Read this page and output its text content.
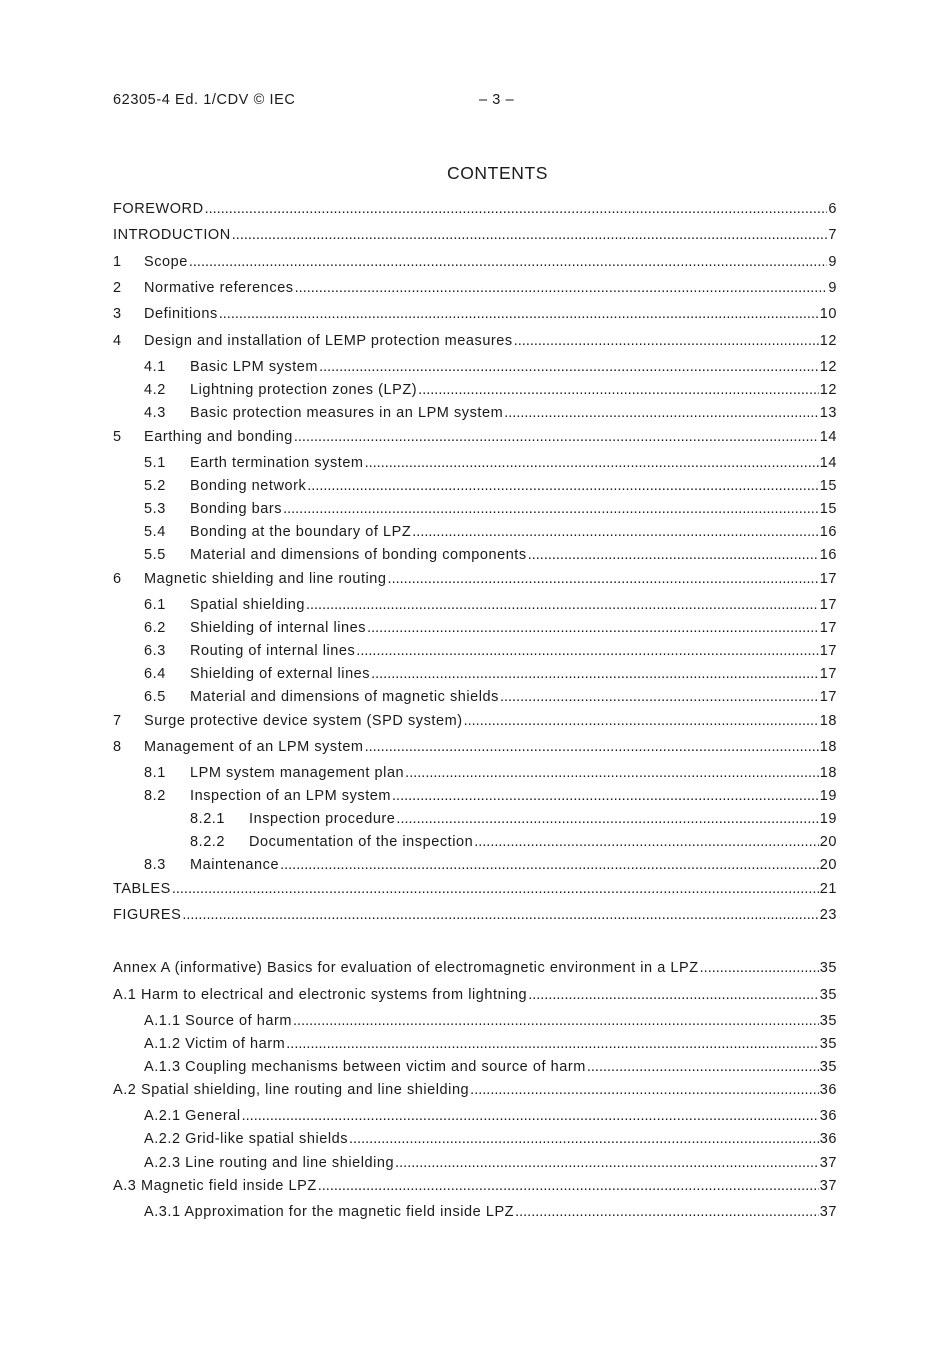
62305-4 Ed. 1/CDV © IEC	– 3 –
CONTENTS
FOREWORD .....	6
INTRODUCTION .....	7
1	Scope .....	9
2	Normative references .....	9
3	Definitions .....	10
4	Design and installation of LEMP protection measures .....	12
4.1	Basic LPM system .....	12
4.2	Lightning protection zones (LPZ) .....	12
4.3	Basic protection measures in an LPM system .....	13
5	Earthing and bonding .....	14
5.1	Earth termination system .....	14
5.2	Bonding network .....	15
5.3	Bonding bars .....	15
5.4	Bonding at the boundary of LPZ .....	16
5.5	Material and dimensions of bonding components .....	16
6	Magnetic shielding and line routing .....	17
6.1	Spatial shielding .....	17
6.2	Shielding of internal lines .....	17
6.3	Routing of internal lines .....	17
6.4	Shielding of external lines .....	17
6.5	Material and dimensions of magnetic shields .....	17
7	Surge protective device system (SPD system) .....	18
8	Management of an LPM system .....	18
8.1	LPM system management plan .....	18
8.2	Inspection of an LPM system .....	19
8.2.1	Inspection procedure .....	19
8.2.2	Documentation of the inspection .....	20
8.3	Maintenance .....	20
TABLES .....	21
FIGURES .....	23
Annex A (informative) Basics for evaluation of electromagnetic environment in a LPZ .....	35
A.1 Harm to electrical and electronic systems from lightning .....	35
A.1.1 Source of harm .....	35
A.1.2 Victim of harm .....	35
A.1.3 Coupling mechanisms between victim and source of harm .....	35
A.2 Spatial shielding, line routing and line shielding .....	36
A.2.1 General .....	36
A.2.2 Grid-like spatial shields .....	36
A.2.3 Line routing and line shielding .....	37
A.3 Magnetic field inside LPZ .....	37
A.3.1 Approximation for the magnetic field inside LPZ .....	37
